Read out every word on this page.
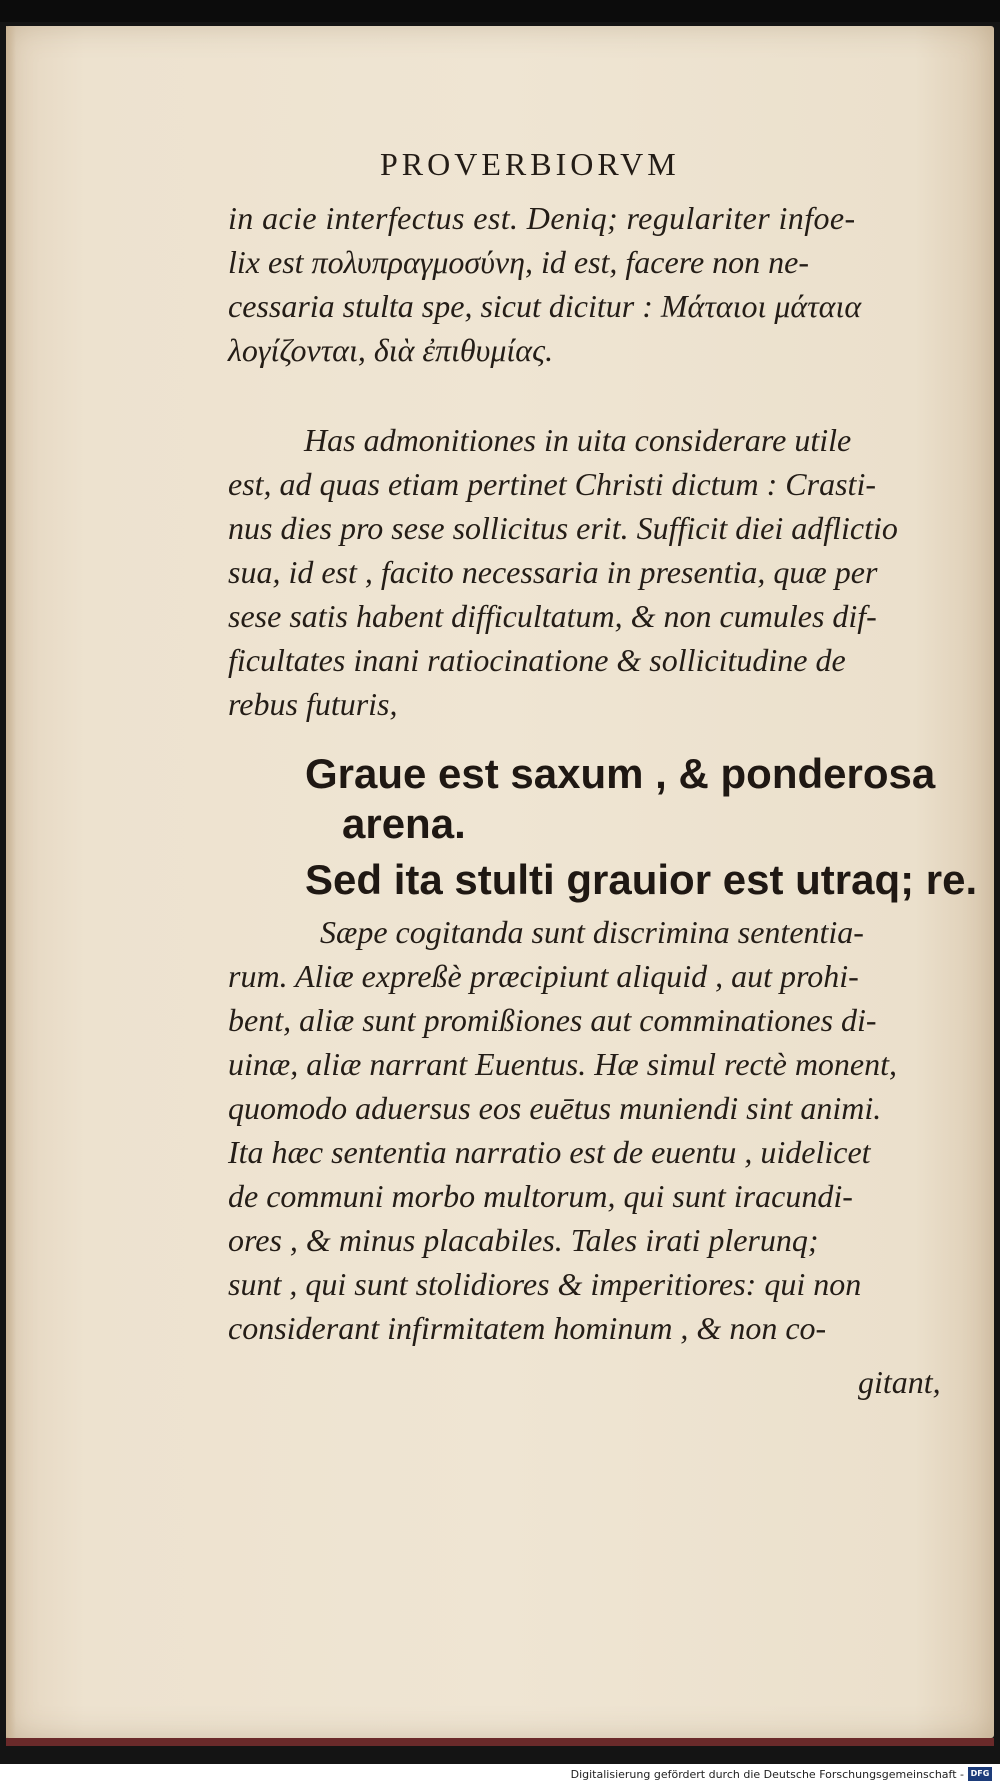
PROVERBIORVM
in acie interfectus est. Deniq; regulariter infoe-
lix est πολυπραγμοσύνη, id est, facere non ne-
cessaria stulta spe, sicut dicitur : Μάταιοι μάταια
λογίζονται, διὰ ἐπιθυμίας.
Has admonitiones in uita considerare utile
est, ad quas etiam pertinet Christi dictum : Crasti-
nus dies pro sese sollicitus erit. Sufficit diei adflictio
sua, id est , facito necessaria in presentia, quæ per
sese satis habent difficultatum, & non cumules dif-
ficultates inani ratiocinatione & sollicitudine de
rebus futuris,
Graue est saxum , & ponderosa
arena.
Sed ita stulti grauior est utraq; re.
Sæpe cogitanda sunt discrimina sententia-
rum. Aliæ expreßè præcipiunt aliquid , aut prohi-
bent, aliæ sunt promißiones aut comminationes di-
uinæ, aliæ narrant Euentus. Hæ simul rectè monent,
quomodo aduersus eos euētus muniendi sint animi.
Ita hæc sententia narratio est de euentu , uidelicet
de communi morbo multorum, qui sunt iracundi-
ores , & minus placabiles. Tales irati plerunq;
sunt , qui sunt stolidiores & imperitiores: qui non
considerant infirmitatem hominum , & non co-
gitant,
Digitalisierung gefördert durch die Deutsche Forschungsgemeinschaft - DFG
